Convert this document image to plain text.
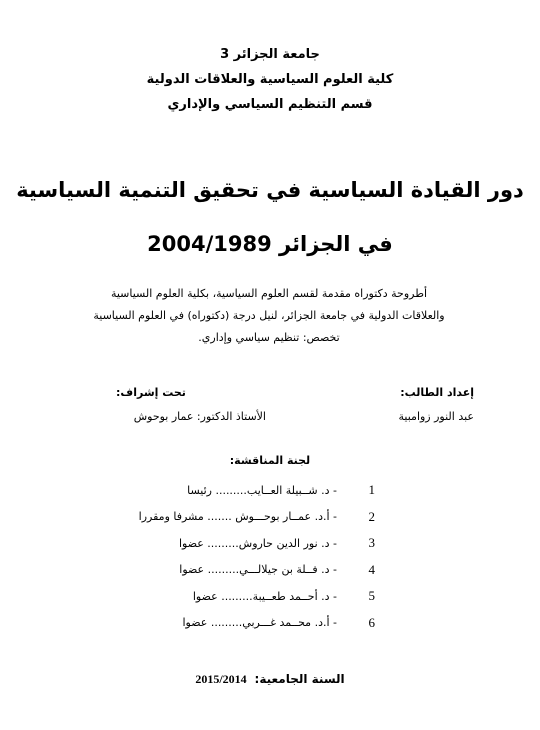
جامعة الجزائر 3
كلية العلوم السياسية والعلاقات الدولية
قسم التنظيم السياسي والإداري
دور القيادة السياسية في تحقيق التنمية السياسية
في الجزائر 2004/1989
أطروحة دكتوراه مقدمة لقسم العلوم السياسية، بكلية العلوم السياسية
والعلاقات الدولية في جامعة الجزائر، لنيل درجة (دكتوراه) في العلوم السياسية
تخصص: تنظيم سياسي وإداري.
إعداد الطالب:
عبد النور زوامبية
تحت إشراف:
الأستاذ الدكتور: عمار بوحوش
لجنة المناقشة:
1
- د. شــبيلة العــايب......... رئيسا
2
- أ.د. عمــار بوحـــوش ....... مشرفا ومقررا
3
- د. نور الدين حاروش......... عضوا
4
- د. فــلة بن جيلالـــي......... عضوا
5
- د. أحــمد طعــيبة......... عضوا
6
- أ.د. محــمد غـــربي......... عضوا
السنة الجامعية: 2015/2014
